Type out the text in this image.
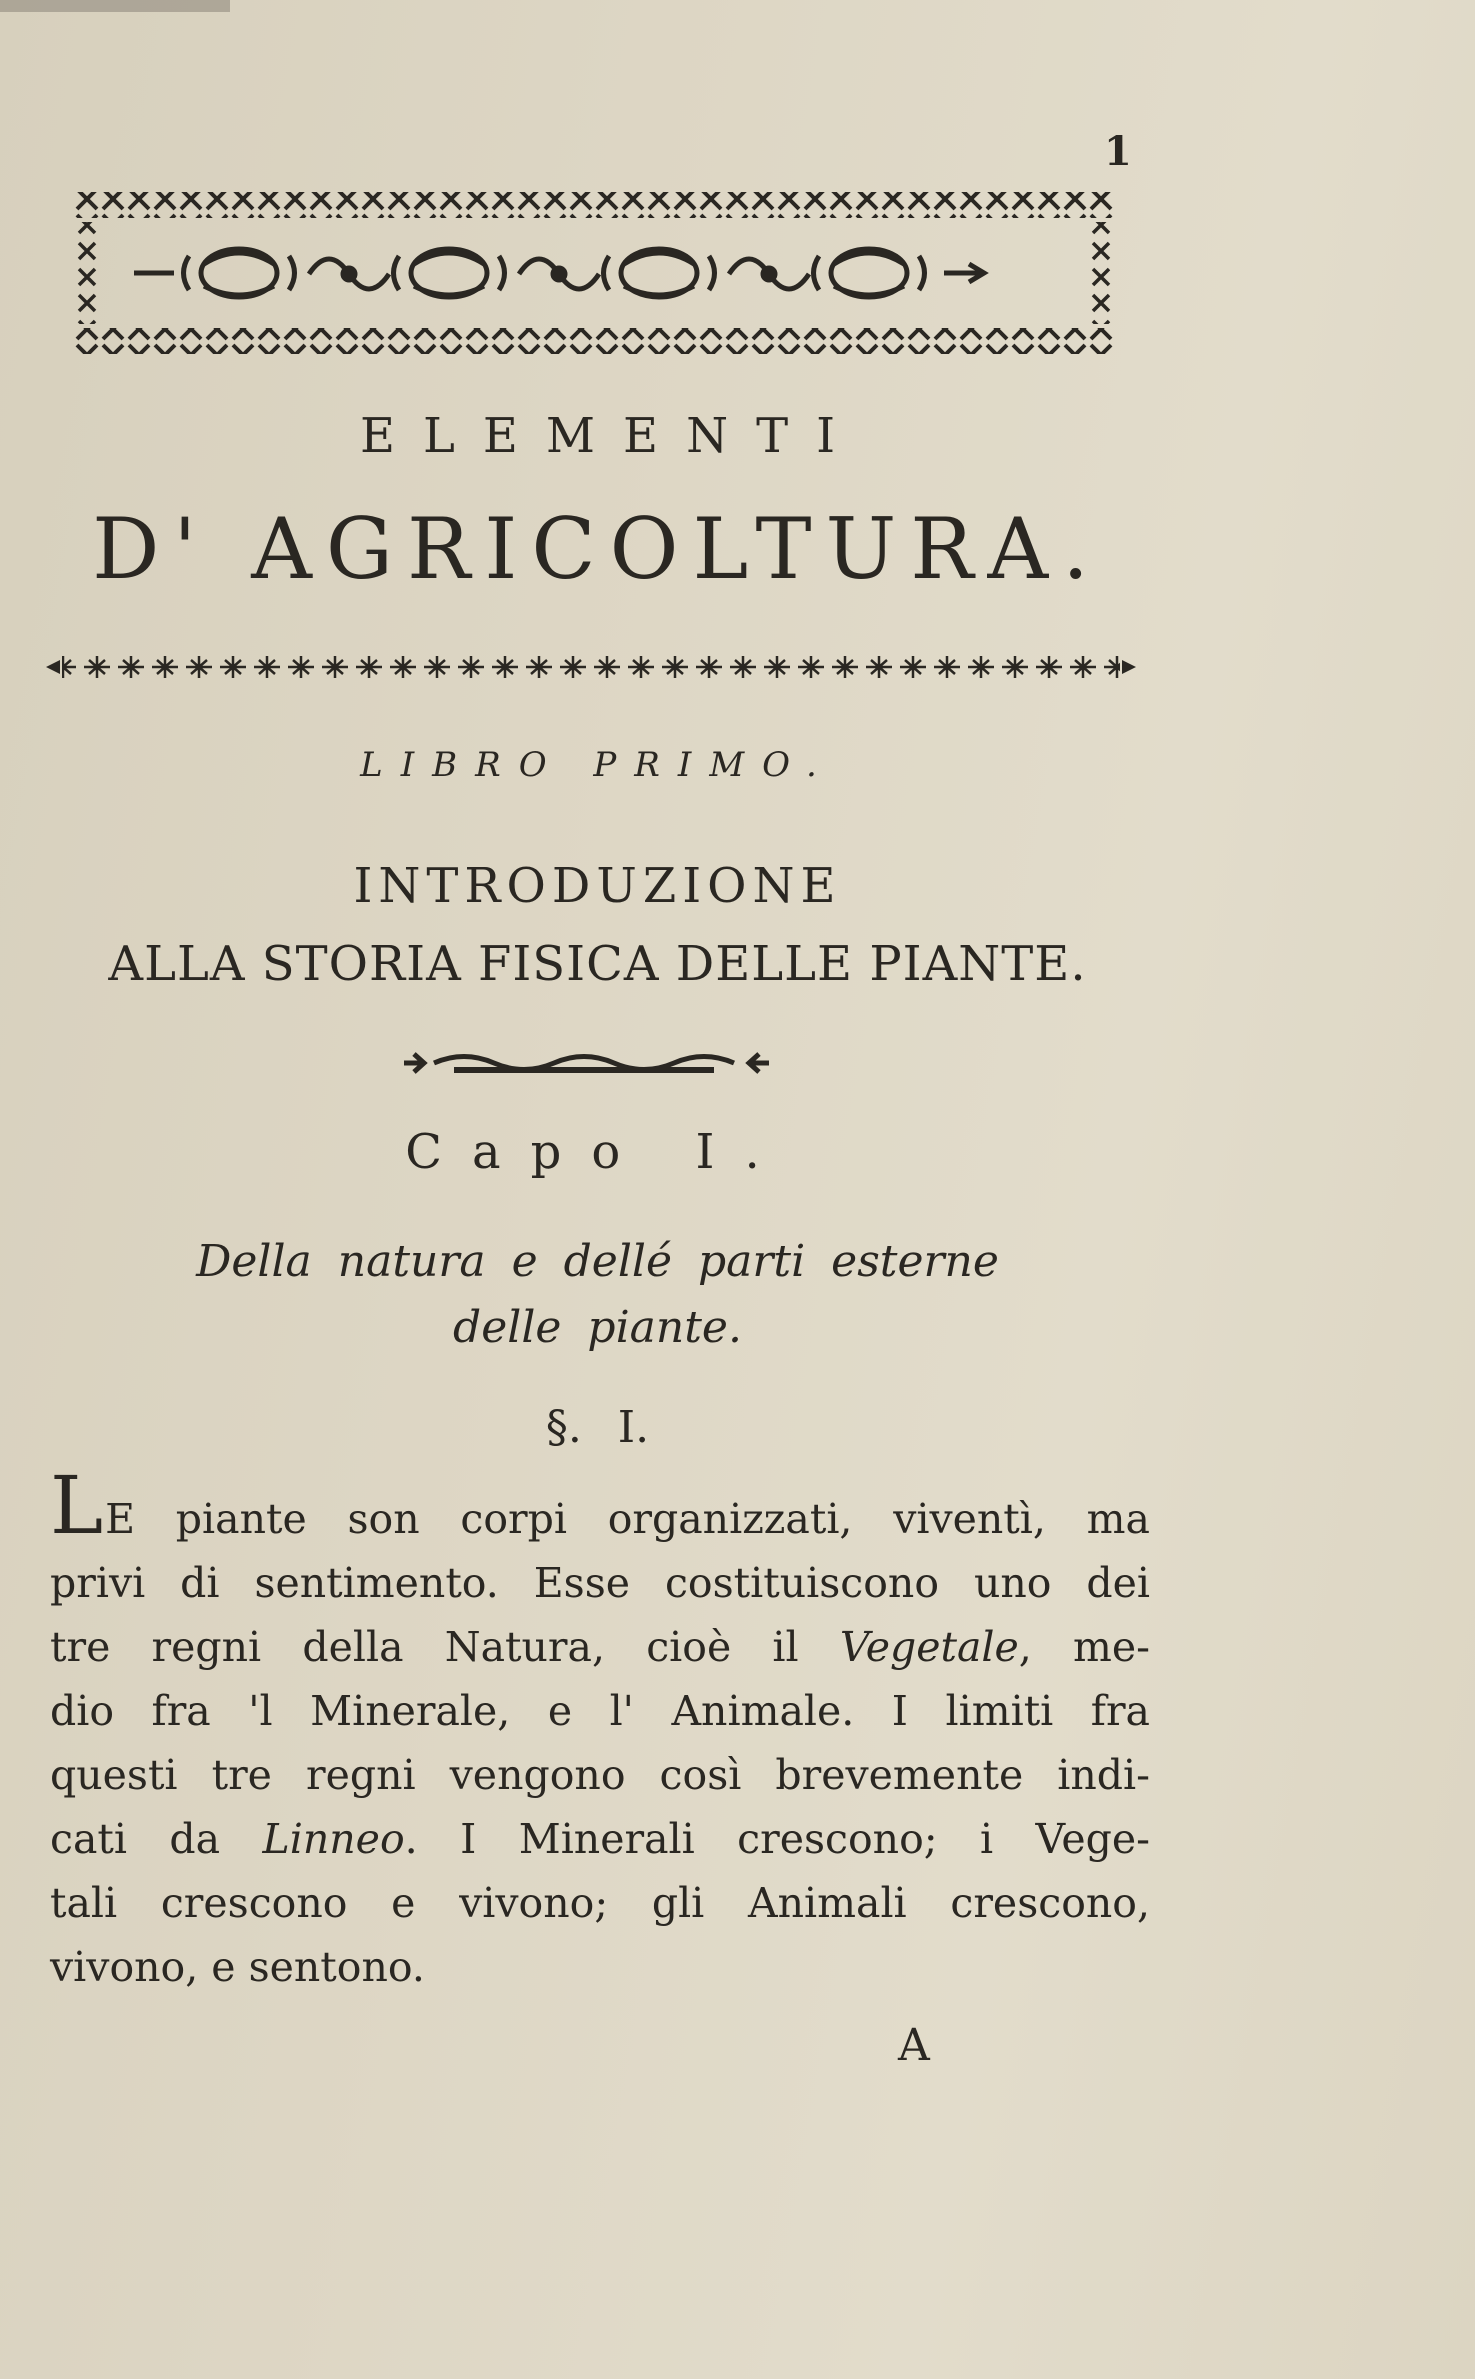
1
ELEMENTI
D' AGRICOLTURA.
LIBRO PRIMO.
INTRODUZIONE
ALLA STORIA FISICA DELLE PIANTE.
Capo I.
Della natura e dellé parti esterne
delle piante.
§. I.
LE piante son corpi organizzati, viventì, ma
privi di sentimento. Esse costituiscono uno dei
tre regni della Natura, cioè il Vegetale, me-
dio fra 'l Minerale, e l' Animale. I limiti fra
questi tre regni vengono così brevemente indi-
cati da Linneo. I Minerali crescono; i Vege-
tali crescono e vivono; gli Animali crescono,
vivono, e sentono.
A
